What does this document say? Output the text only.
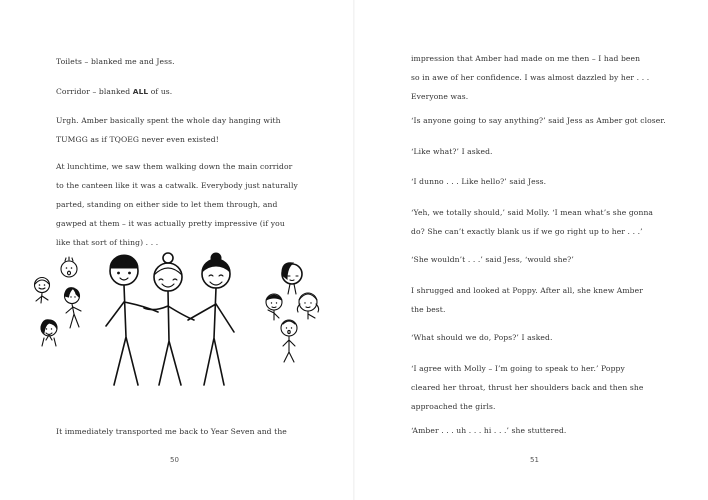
Toilets – blanked me and Jess.

Corridor – blanked ALL of us.

Urgh. Amber basically spent the whole day hanging with
TUMGG as if TQOEG never even existed!

At lunchtime, we saw them walking down the main corridor
to the canteen like it was a catwalk. Everybody just naturally
parted, standing on either side to let them through, and
gawped at them – it was actually pretty impressive (if you
like that sort of thing) . . .

It immediately transported me back to Year Seven and the

50

impression that Amber had made on me then – I had been
so in awe of her confidence. I was almost dazzled by her . . .
Everyone was.

‘Is anyone going to say anything?’ said Jess as Amber got closer.

‘Like what?’ I asked.

‘I dunno . . . Like hello?’ said Jess.

‘Yeh, we totally should,’ said Molly. ‘I mean what’s she gonna
do? She can’t exactly blank us if we go right up to her . . .’

‘She wouldn’t . . .’ said Jess, ‘would she?’

I shrugged and looked at Poppy. After all, she knew Amber
the best.

‘What should we do, Pops?’ I asked.

‘I agree with Molly – I’m going to speak to her.’ Poppy
cleared her throat, thrust her shoulders back and then she
approached the girls.

‘Amber . . . uh . . . hi . . .’ she stuttered.

51
